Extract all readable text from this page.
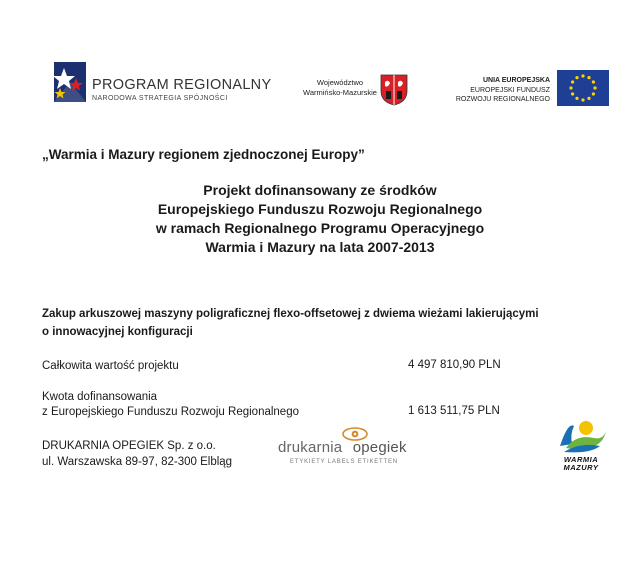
PROGRAM REGIONALNY
NARODOWA STRATEGIA SPÓJNOŚCI
Województwo
Warmińsko-Mazurskie
UNIA EUROPEJSKA
EUROPEJSKI FUNDUSZ
ROZWOJU REGIONALNEGO
„Warmia i Mazury regionem zjednoczonej Europy”
Projekt dofinansowany ze środków
Europejskiego Funduszu Rozwoju Regionalnego
w ramach Regionalnego Programu Operacyjnego
Warmia i Mazury na lata 2007-2013
Zakup arkuszowej maszyny poligraficznej flexo-offsetowej z dwiema wieżami lakierującymi
o innowacyjnej konfiguracji
Całkowita wartość projektu	4 497 810,90 PLN
Kwota dofinansowania
z Europejskiego Funduszu Rozwoju Regionalnego	1 613 511,75 PLN
DRUKARNIA OPEGIEK Sp. z o.o.
ul. Warszawska 89-97, 82-300 Elbląg
drukarnia opegiek
ETYKIETY LABELS ETIKETTEN	WARMIA
MAZURY
